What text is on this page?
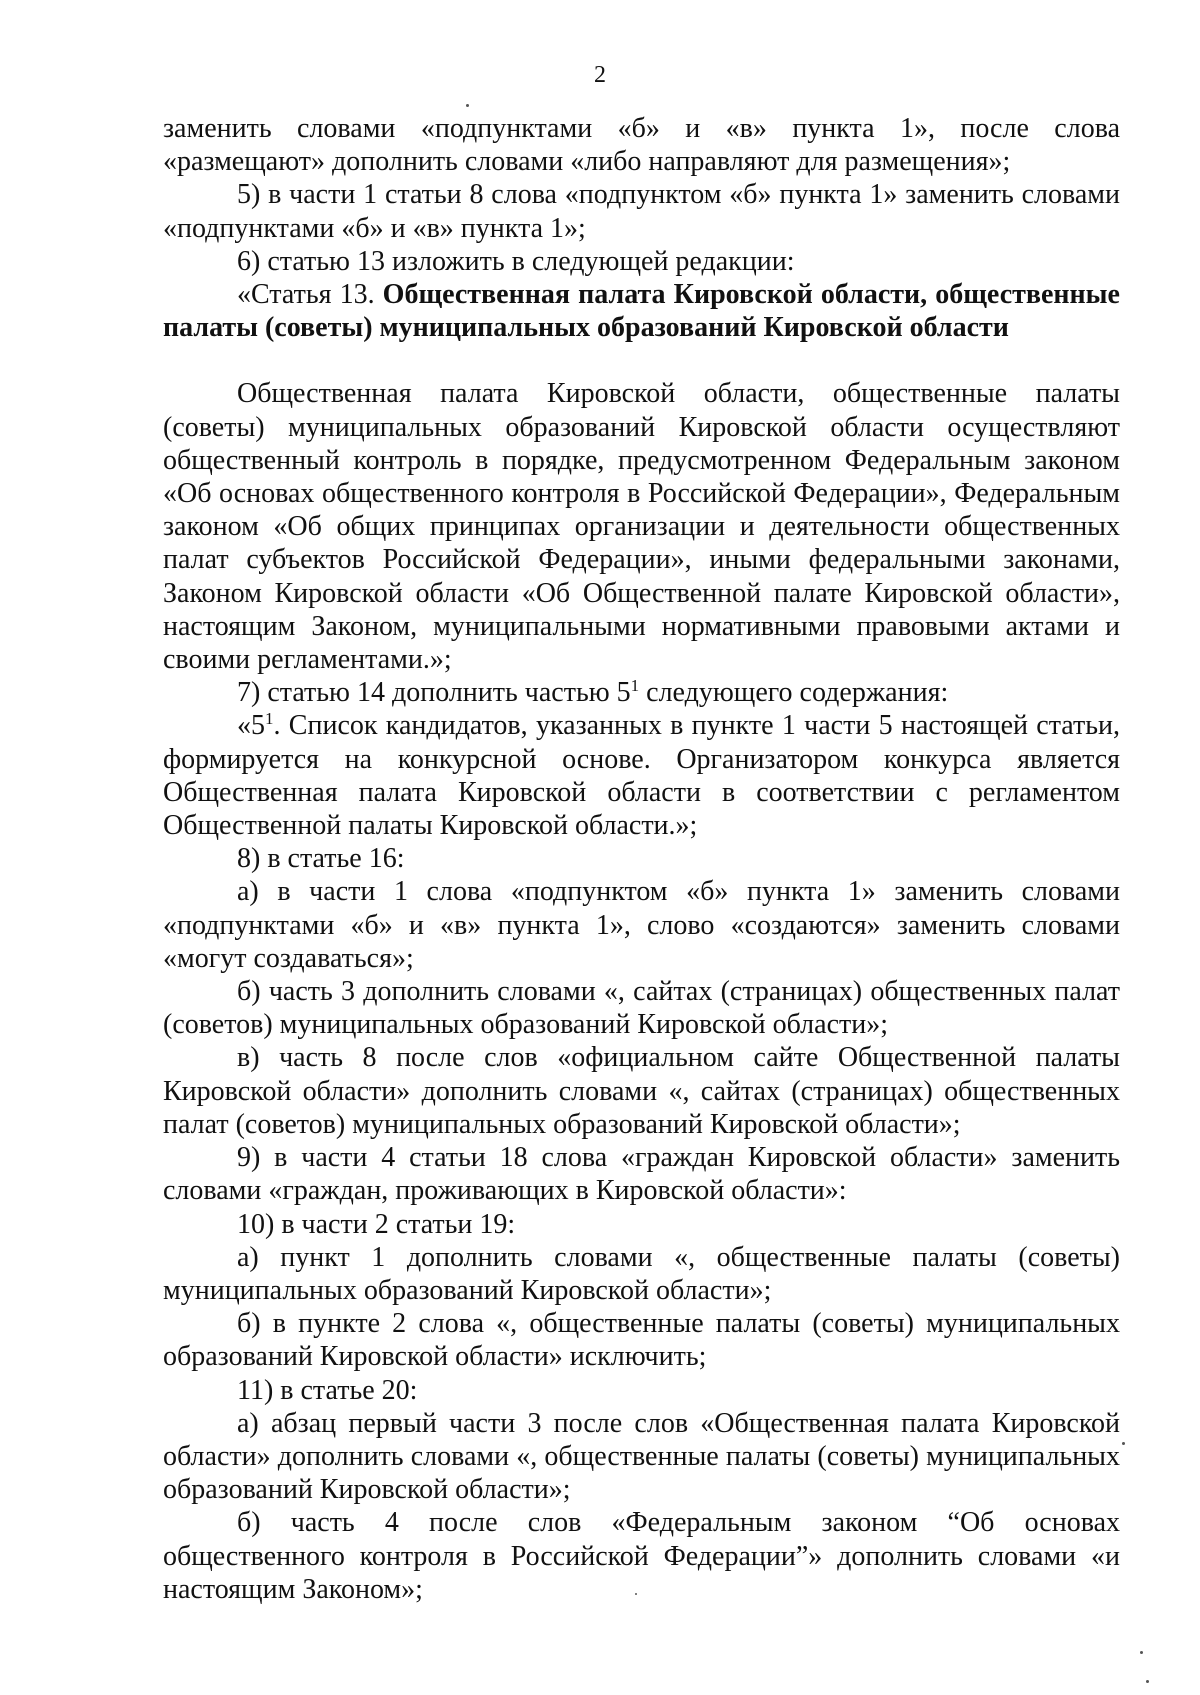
2

заменить словами «подпунктами «б» и «в» пункта 1», после слова «размещают» дополнить словами «либо направляют для размещения»;

5) в части 1 статьи 8 слова «подпунктом «б» пункта 1» заменить словами «подпунктами «б» и «в» пункта 1»;

6) статью 13 изложить в следующей редакции:

«Статья 13. Общественная палата Кировской области, общественные палаты (советы) муниципальных образований Кировской области

Общественная палата Кировской области, общественные палаты (советы) муниципальных образований Кировской области осуществляют общественный контроль в порядке, предусмотренном Федеральным законом «Об основах общественного контроля в Российской Федерации», Федеральным законом «Об общих принципах организации и деятельности общественных палат субъектов Российской Федерации», иными федеральными законами, Законом Кировской области «Об Общественной палате Кировской области», настоящим Законом, муниципальными нормативными правовыми актами и своими регламентами.»;

7) статью 14 дополнить частью $5^1$ следующего содержания:

«$5^1$. Список кандидатов, указанных в пункте 1 части 5 настоящей статьи, формируется на конкурсной основе. Организатором конкурса является Общественная палата Кировской области в соответствии с регламентом Общественной палаты Кировской области.»;

8) в статье 16:

а) в части 1 слова «подпунктом «б» пункта 1» заменить словами «подпунктами «б» и «в» пункта 1», слово «создаются» заменить словами «могут создаваться»;

б) часть 3 дополнить словами «, сайтах (страницах) общественных палат (советов) муниципальных образований Кировской области»;

в) часть 8 после слов «официальном сайте Общественной палаты Кировской области» дополнить словами «, сайтах (страницах) общественных палат (советов) муниципальных образований Кировской области»;

9) в части 4 статьи 18 слова «граждан Кировской области» заменить словами «граждан, проживающих в Кировской области»:

10) в части 2 статьи 19:

а) пункт 1 дополнить словами «, общественные палаты (советы) муниципальных образований Кировской области»;

б) в пункте 2 слова «, общественные палаты (советы) муниципальных образований Кировской области» исключить;

11) в статье 20:

а) абзац первый части 3 после слов «Общественная палата Кировской области» дополнить словами «, общественные палаты (советы) муниципальных образований Кировской области»;

б) часть 4 после слов «Федеральным законом “Об основах общественного контроля в Российской Федерации”» дополнить словами «и настоящим Законом»;
